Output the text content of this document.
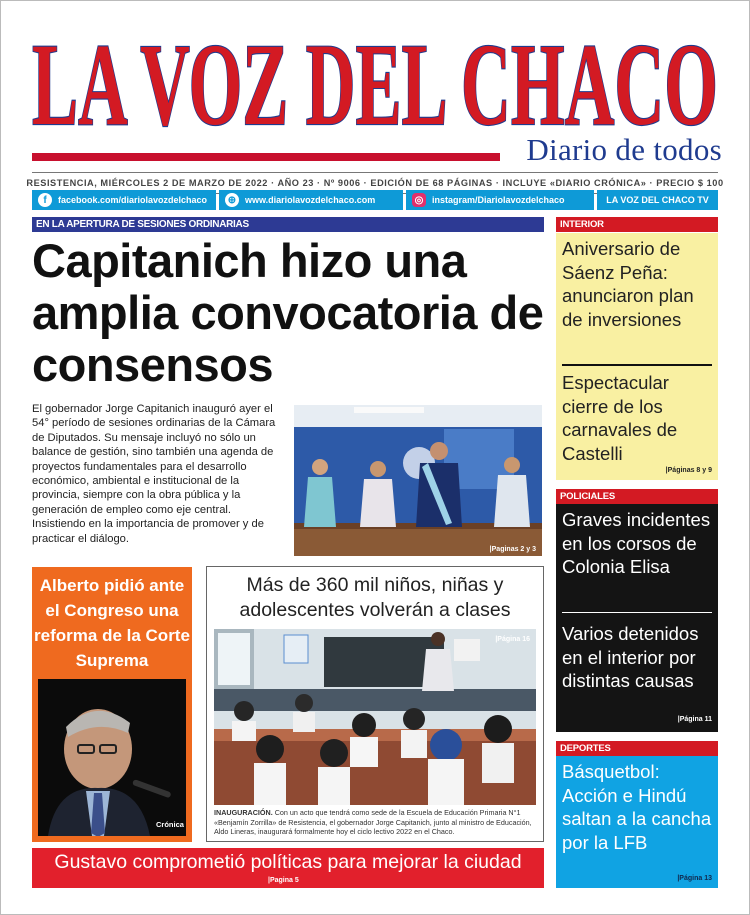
LA VOZ DEL CHACO
Diario de todos
RESISTENCIA, MIÉRCOLES 2 DE MARZO DE 2022 · AÑO 23 · Nº 9006 · EDICIÓN DE 68 PÁGINAS · INCLUYE «DIARIO CRÓNICA» · PRECIO $ 100
f	facebook.com/diariolavozdelchaco ⊕ www.diariolavozdelchaco.com	◎ instagram/Diariolavozdelchaco	LA VOZ DEL CHACO TV
EN LA APERTURA DE SESIONES ORDINARIAS
Capitanich hizo una amplia convocatoria de consensos
El gobernador Jorge Capitanich inauguró ayer el 54° período de sesiones ordinarias de la Cámara de Diputados. Su mensaje incluyó no sólo un balance de gestión, sino también una agenda de proyectos fundamentales para el desarrollo económico, ambiental e institucional de la provincia, siempre con la obra pública y la generación de empleo como eje central. Insistiendo en la importancia de promover y de practicar el diálogo.
|Paginas 2 y 3
Alberto pidió ante el Congreso una reforma de la Corte Suprema
Crónica
Más de 360 mil niños, niñas y adolescentes volverán a clases
|Página 16
INAUGURACIÓN. Con un acto que tendrá como sede de la Escuela de Educación Primaria N°1 «Benjamín Zorrilla» de Resistencia, el gobernador Jorge Capitanich, junto al ministro de Educación, Aldo Lineras, inaugurará formalmente hoy el ciclo lectivo 2022 en el Chaco.
Gustavo comprometió políticas para mejorar la ciudad
|Pagina 5
INTERIOR
Aniversario de Sáenz Peña: anunciaron plan de inversiones
Espectacular cierre de los carnavales de Castelli
|Páginas 8 y 9
POLICIALES
Graves incidentes en los corsos de Colonia Elisa
Varios detenidos en el interior por distintas causas
|Página 11
DEPORTES
Básquetbol: Acción e Hindú saltan a la cancha por la LFB
|Página 13
